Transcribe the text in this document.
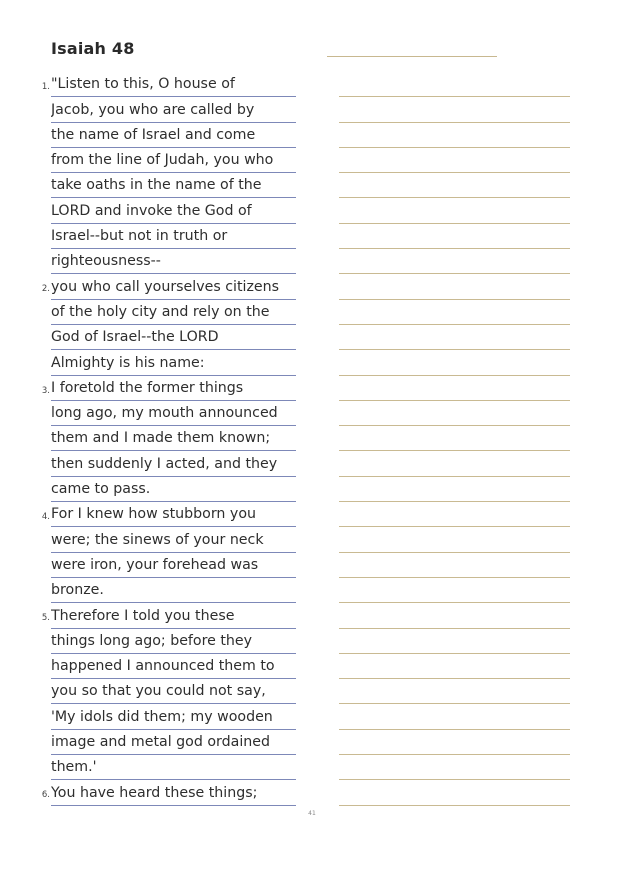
Isaiah 48
1. "Listen to this, O house of
Jacob, you who are called by
the name of Israel and come
from the line of Judah, you who
take oaths in the name of the
LORD and invoke the God of
Israel--but not in truth or
righteousness--
2. you who call yourselves citizens
of the holy city and rely on the
God of Israel--the LORD
Almighty is his name:
3. I foretold the former things
long ago, my mouth announced
them and I made them known;
then suddenly I acted, and they
came to pass.
4. For I knew how stubborn you
were; the sinews of your neck
were iron, your forehead was
bronze.
5. Therefore I told you these
things long ago; before they
happened I announced them to
you so that you could not say,
'My idols did them; my wooden
image and metal god ordained
them.'
6. You have heard these things;
41
